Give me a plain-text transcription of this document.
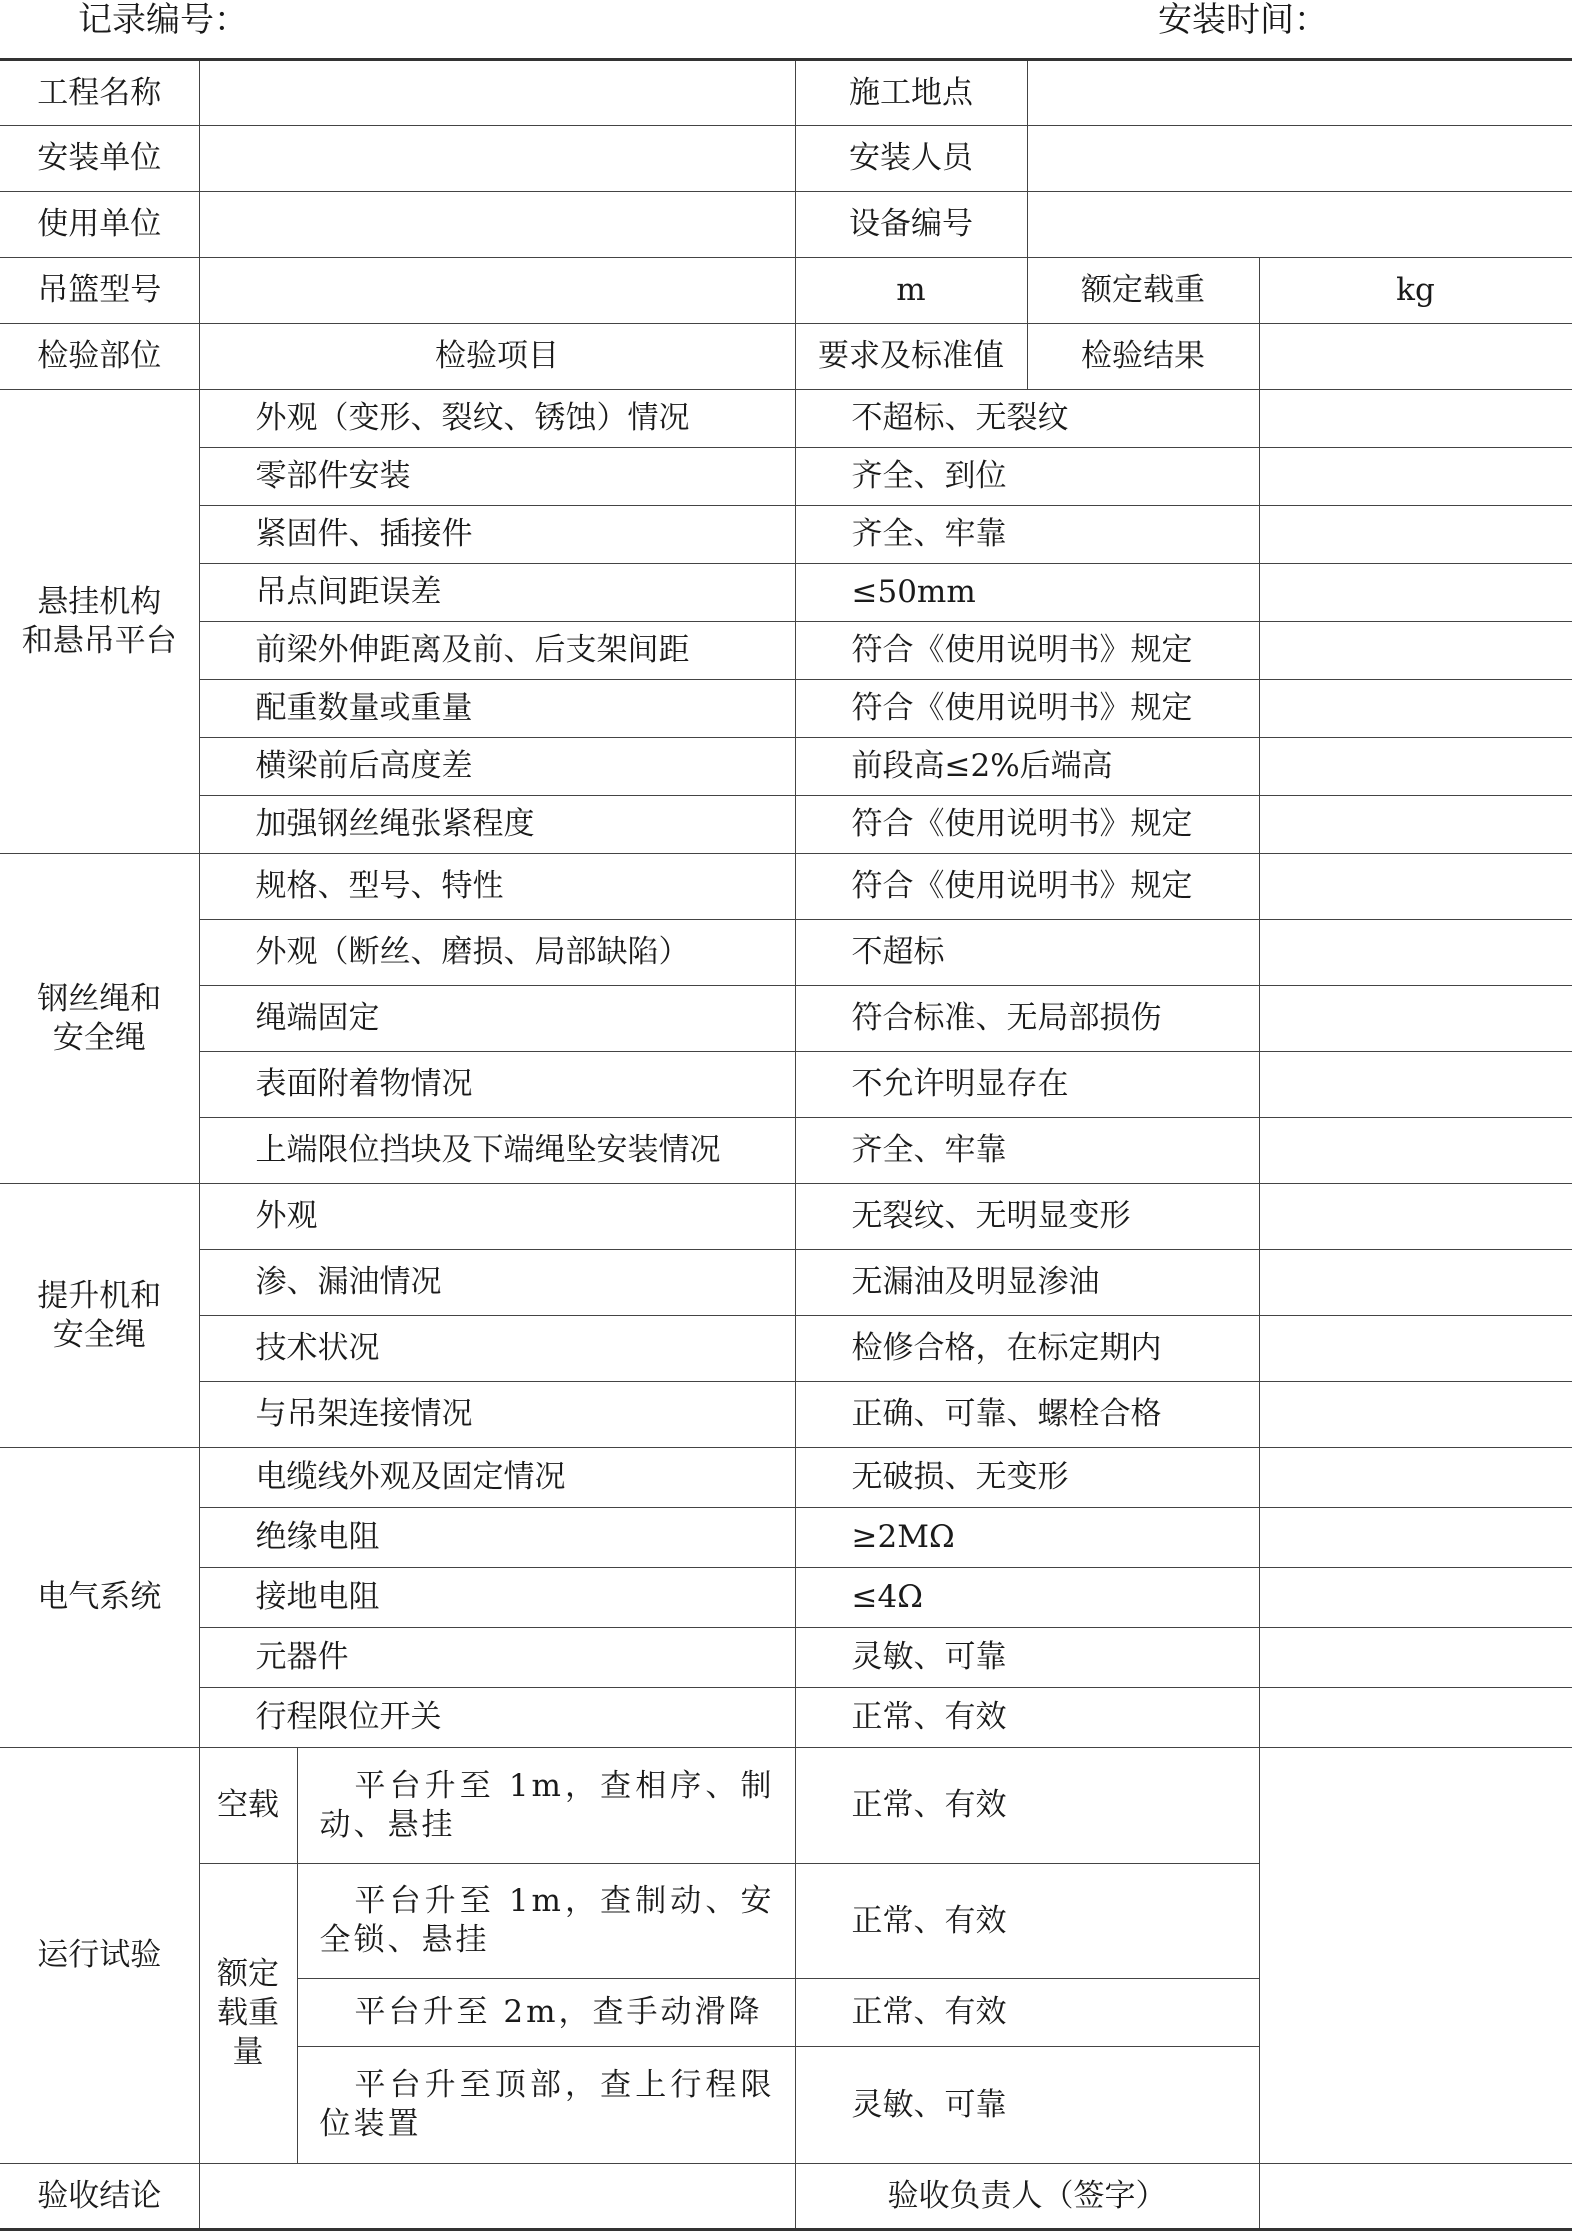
记录编号：	安装时间：
工程名称			施工地点		
安装单位			安装人员		
使用单位			设备编号		
吊篮型号			m	额定载重	kg
检验部位	检验项目		要求及标准值	检验结果	
悬挂机构
和悬吊平台	外观（变形、裂纹、锈蚀）情况		不超标、无裂纹		
	零部件安装		齐全、到位		
	紧固件、插接件		齐全、牢靠		
	吊点间距误差		≤50mm		
	前梁外伸距离及前、后支架间距		符合《使用说明书》规定		
	配重数量或重量		符合《使用说明书》规定		
	横梁前后高度差		前段高≤2%后端高		
	加强钢丝绳张紧程度		符合《使用说明书》规定		
钢丝绳和
安全绳	规格、型号、特性		符合《使用说明书》规定		
	外观（断丝、磨损、局部缺陷）		不超标		
	绳端固定		符合标准、无局部损伤		
	表面附着物情况		不允许明显存在		
	上端限位挡块及下端绳坠安装情况		齐全、牢靠		
提升机和
安全绳	外观		无裂纹、无明显变形		
	渗、漏油情况		无漏油及明显渗油		
	技术状况		检修合格，在标定期内		
	与吊架连接情况		正确、可靠、螺栓合格		
电气系统	电缆线外观及固定情况		无破损、无变形		
	绝缘电阻		≥2MΩ		
	接地电阻		≤4Ω		
	元器件		灵敏、可靠		
	行程限位开关		正常、有效		
运行试验	空载	平台升至 1m，查相序、制动、悬挂	正常、有效		
	额定
载重
量	平台升至 1m，查制动、安全锁、悬挂	正常、有效		
		平台升至 2m，查手动滑降	正常、有效		
		平台升至顶部，查上行程限位装置	灵敏、可靠		
验收结论			验收负责人（签字）		
